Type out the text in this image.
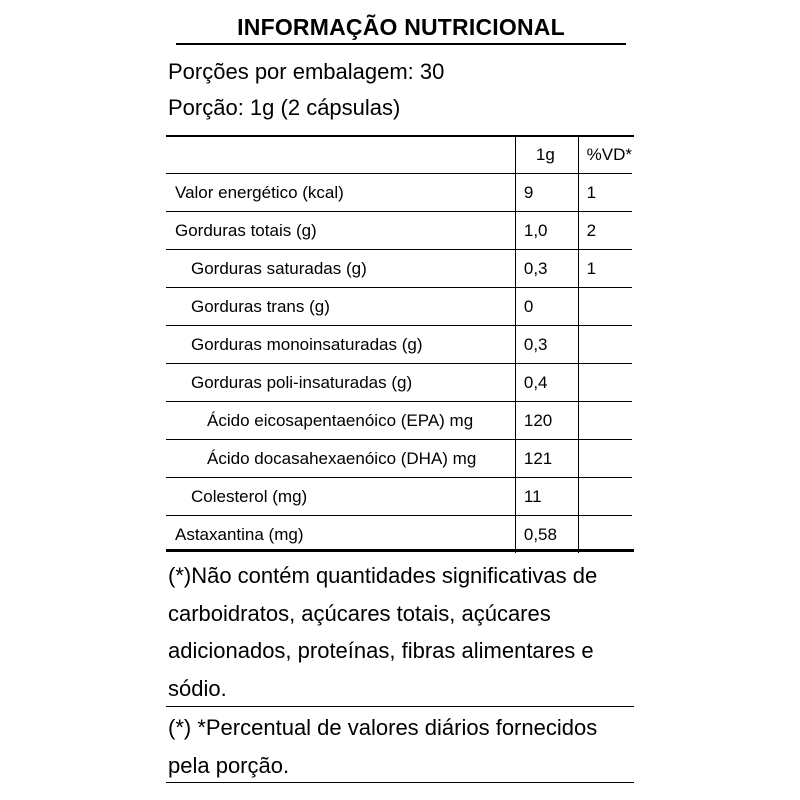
INFORMAÇÃO NUTRICIONAL
Porções por embalagem: 30
Porção: 1g (2 cápsulas)
	1g	%VD*
Valor energético (kcal)	9	1
Gorduras totais (g)	1,0	2
Gorduras saturadas (g)	0,3	1
Gorduras trans (g)	0	
Gorduras monoinsaturadas (g)	0,3	
Gorduras poli-insaturadas (g)	0,4	
Ácido eicosapentaenóico (EPA) mg	120	
Ácido docasahexaenóico (DHA) mg	121	
Colesterol (mg)	11	
Astaxantina (mg)	0,58	
(*)Não contém quantidades significativas de carboidratos, açúcares totais, açúcares adicionados, proteínas, fibras alimentares e sódio.
(*) *Percentual de valores diários fornecidos pela porção.
